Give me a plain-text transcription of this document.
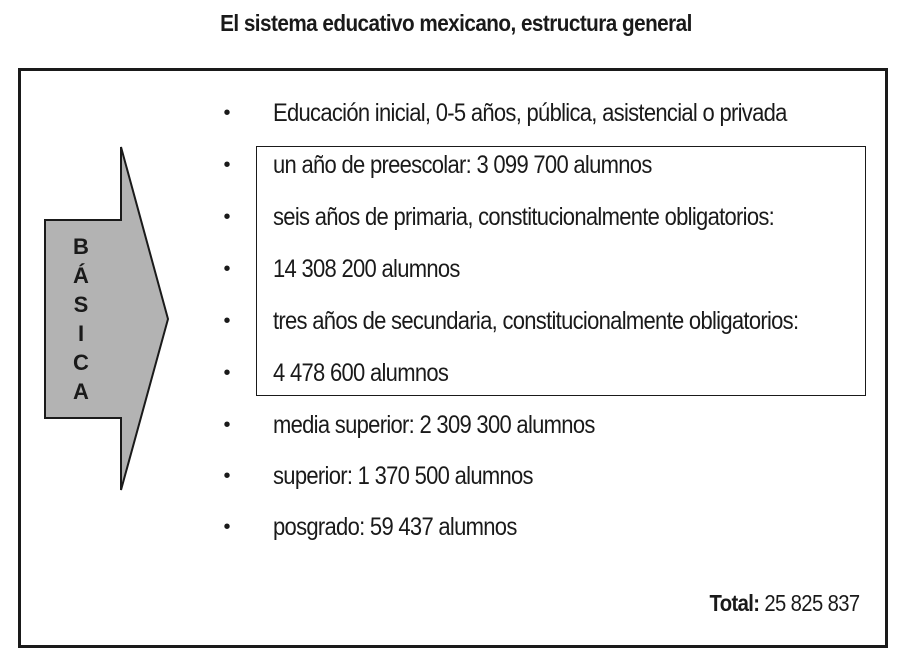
El sistema educativo mexicano, estructura general
B
Á
S
I
C
A
• Educación inicial, 0-5 años, pública, asistencial o privada
• un año de preescolar: 3 099 700 alumnos
• seis años de primaria, constitucionalmente obligatorios:
• 14 308 200 alumnos
• tres años de secundaria, constitucionalmente obligatorios:
• 4 478 600 alumnos
• media superior: 2 309 300 alumnos
• superior: 1 370 500 alumnos
• posgrado: 59 437 alumnos
Total: 25 825 837
